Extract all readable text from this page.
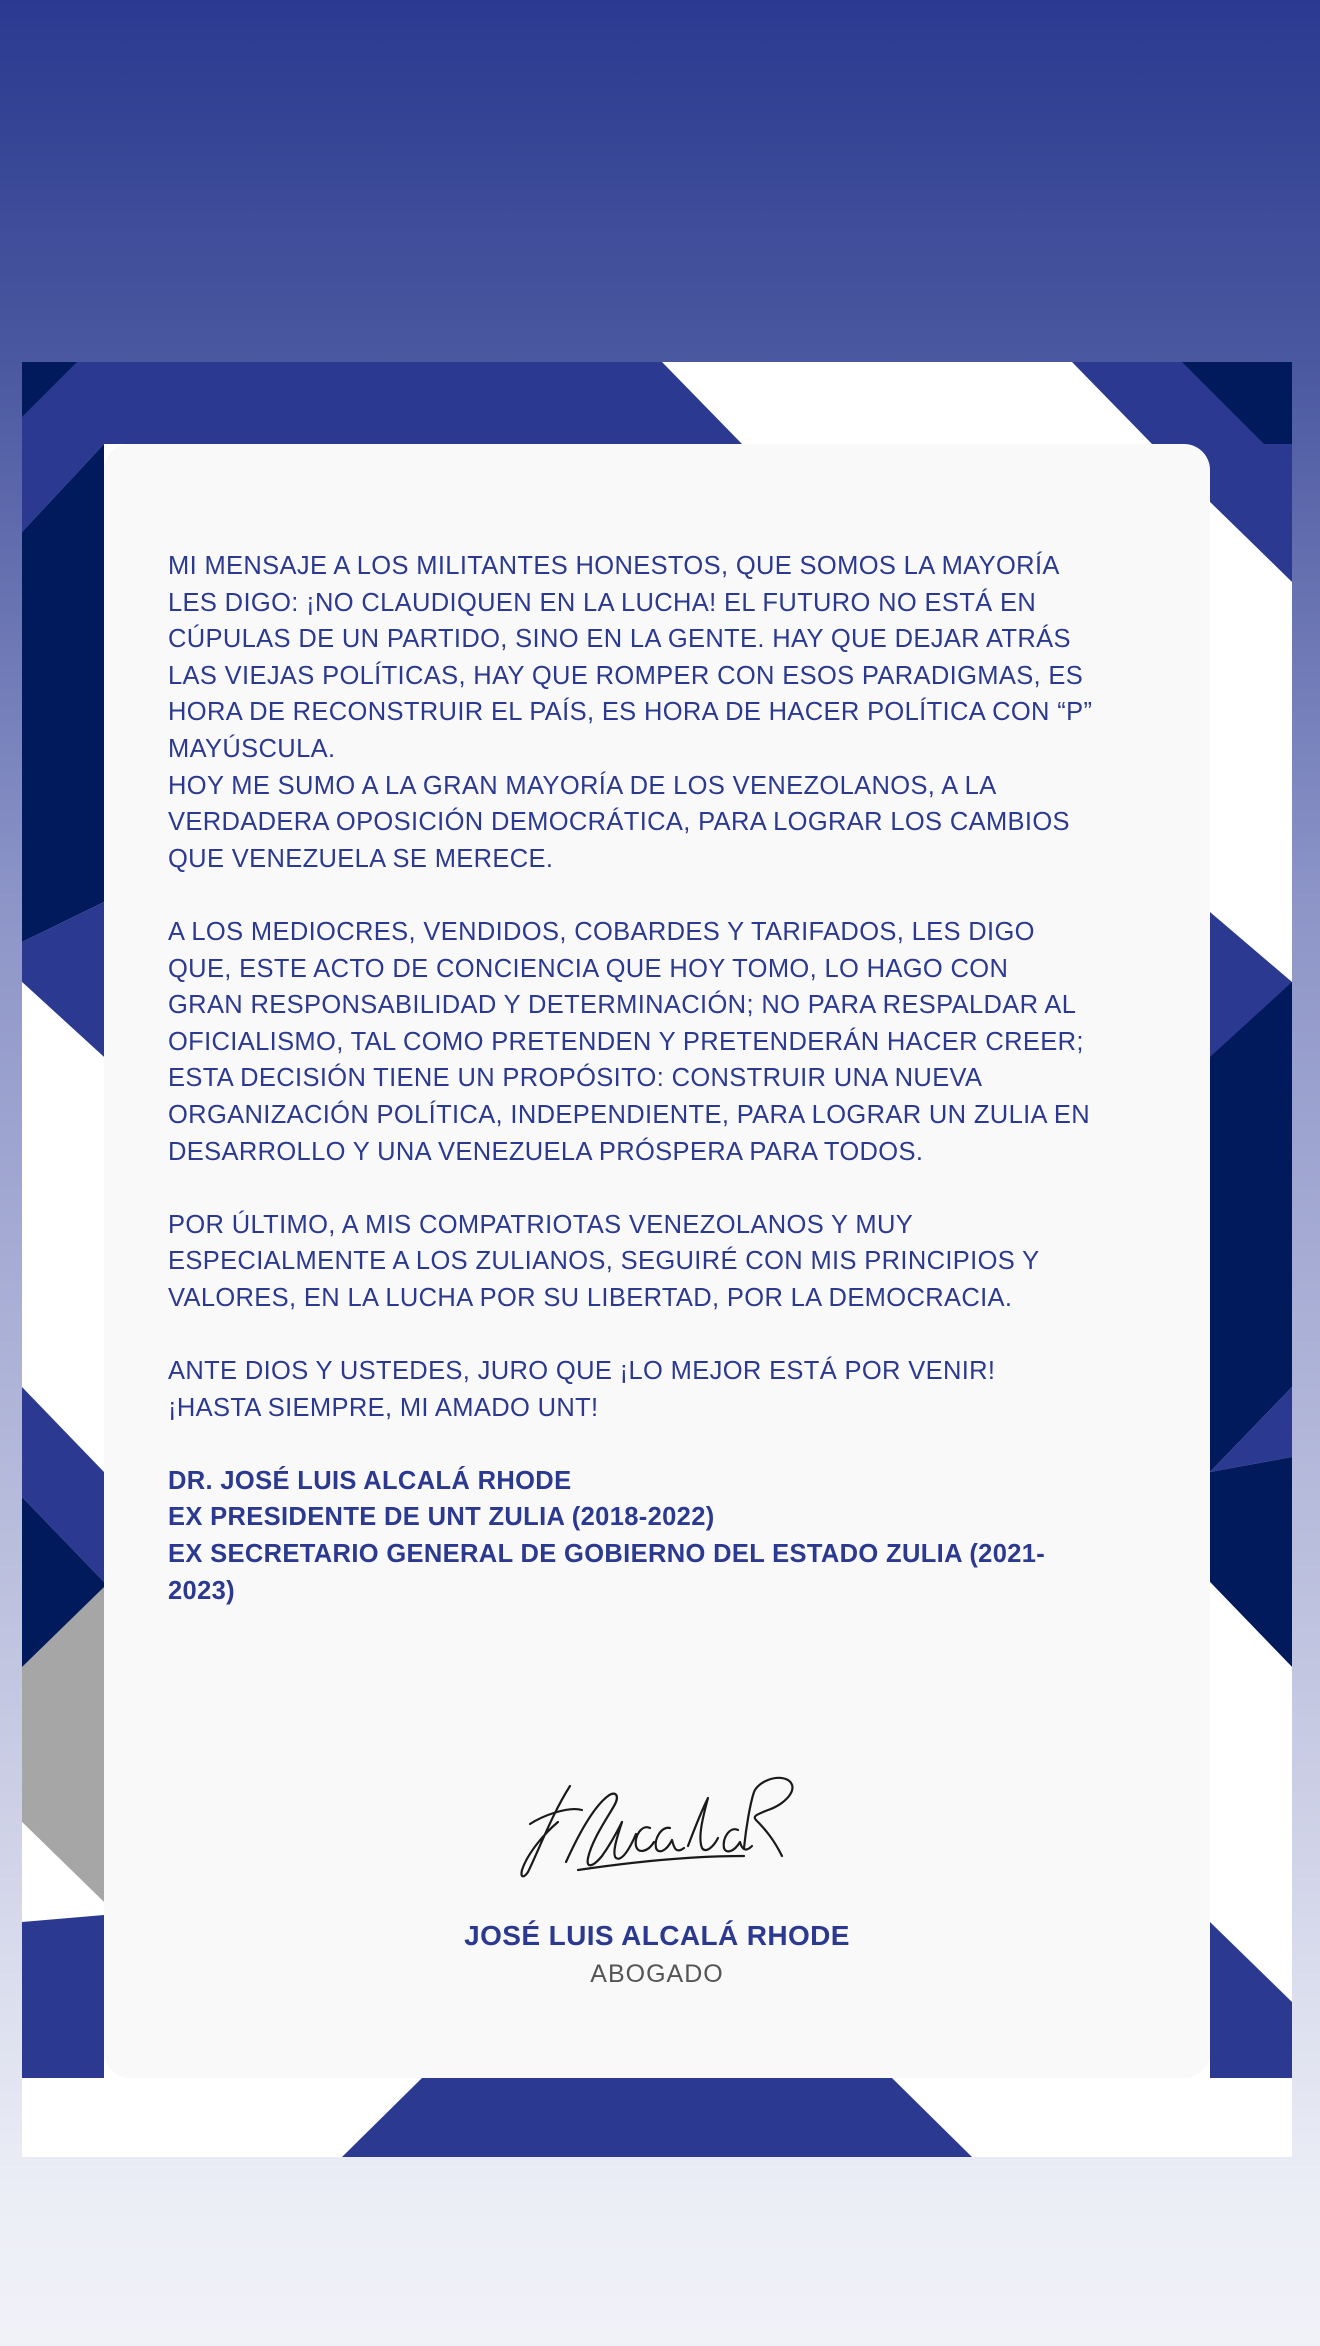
MI MENSAJE A LOS MILITANTES HONESTOS, QUE SOMOS LA MAYORÍA
LES DIGO: ¡NO CLAUDIQUEN EN LA LUCHA! EL FUTURO NO ESTÁ EN
CÚPULAS DE UN PARTIDO, SINO EN LA GENTE. HAY QUE DEJAR ATRÁS
LAS VIEJAS POLÍTICAS, HAY QUE ROMPER CON ESOS PARADIGMAS, ES
HORA DE RECONSTRUIR EL PAÍS, ES HORA DE HACER POLÍTICA CON “P”
MAYÚSCULA.
HOY ME SUMO A LA GRAN MAYORÍA DE LOS VENEZOLANOS, A LA
VERDADERA OPOSICIÓN DEMOCRÁTICA, PARA LOGRAR LOS CAMBIOS
QUE VENEZUELA SE MERECE.

A LOS MEDIOCRES, VENDIDOS, COBARDES Y TARIFADOS, LES DIGO
QUE, ESTE ACTO DE CONCIENCIA QUE HOY TOMO, LO HAGO CON
GRAN RESPONSABILIDAD Y DETERMINACIÓN; NO PARA RESPALDAR AL
OFICIALISMO, TAL COMO PRETENDEN Y PRETENDERÁN HACER CREER;
ESTA DECISIÓN TIENE UN PROPÓSITO: CONSTRUIR UNA NUEVA
ORGANIZACIÓN POLÍTICA, INDEPENDIENTE, PARA LOGRAR UN ZULIA EN
DESARROLLO Y UNA VENEZUELA PRÓSPERA PARA TODOS.

POR ÚLTIMO, A MIS COMPATRIOTAS VENEZOLANOS Y MUY
ESPECIALMENTE A LOS ZULIANOS, SEGUIRÉ CON MIS PRINCIPIOS Y
VALORES, EN LA LUCHA POR SU LIBERTAD, POR LA DEMOCRACIA.

ANTE DIOS Y USTEDES, JURO QUE ¡LO MEJOR ESTÁ POR VENIR!
¡HASTA SIEMPRE, MI AMADO UNT!

DR. JOSÉ LUIS ALCALÁ RHODE
EX PRESIDENTE DE UNT ZULIA (2018-2022)
EX SECRETARIO GENERAL DE GOBIERNO DEL ESTADO ZULIA (2021-
2023)

JOSÉ LUIS ALCALÁ RHODE
ABOGADO
